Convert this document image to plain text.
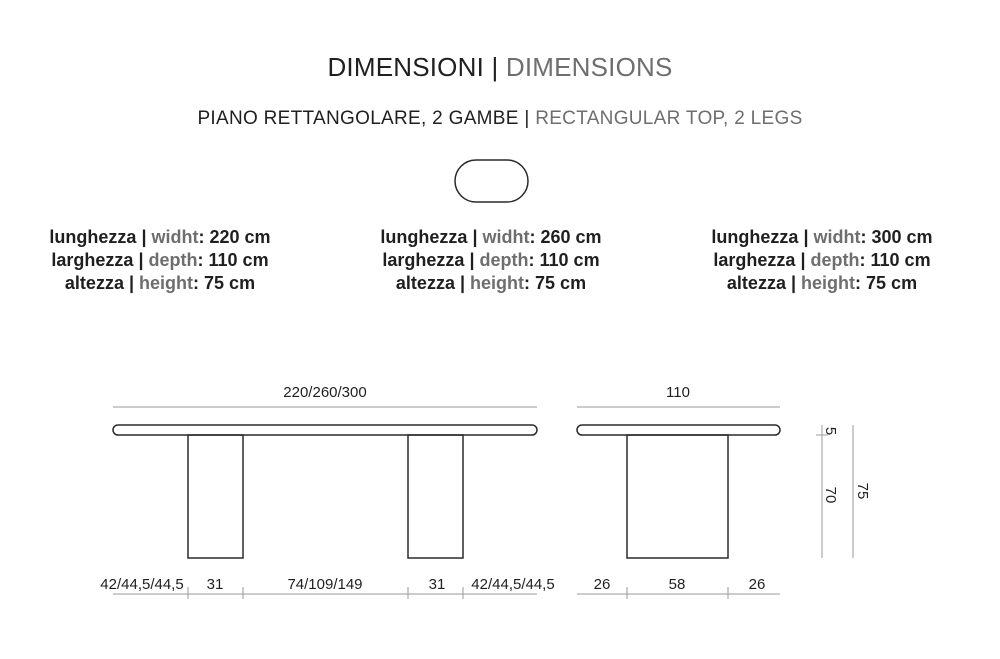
DIMENSIONI | DIMENSIONS
PIANO RETTANGOLARE, 2 GAMBE | RECTANGULAR TOP, 2 LEGS
220/260/300
42/44,5/44,5 31	74/109/149	31 42/44,5/44,5
110
26	58	26
5
70 75
lunghezza | widht: 220 cm
larghezza | depth: 110 cm
altezza | height: 75 cm
lunghezza | widht: 260 cm
larghezza | depth: 110 cm
altezza | height: 75 cm
lunghezza | widht: 300 cm
larghezza | depth: 110 cm
altezza | height: 75 cm
